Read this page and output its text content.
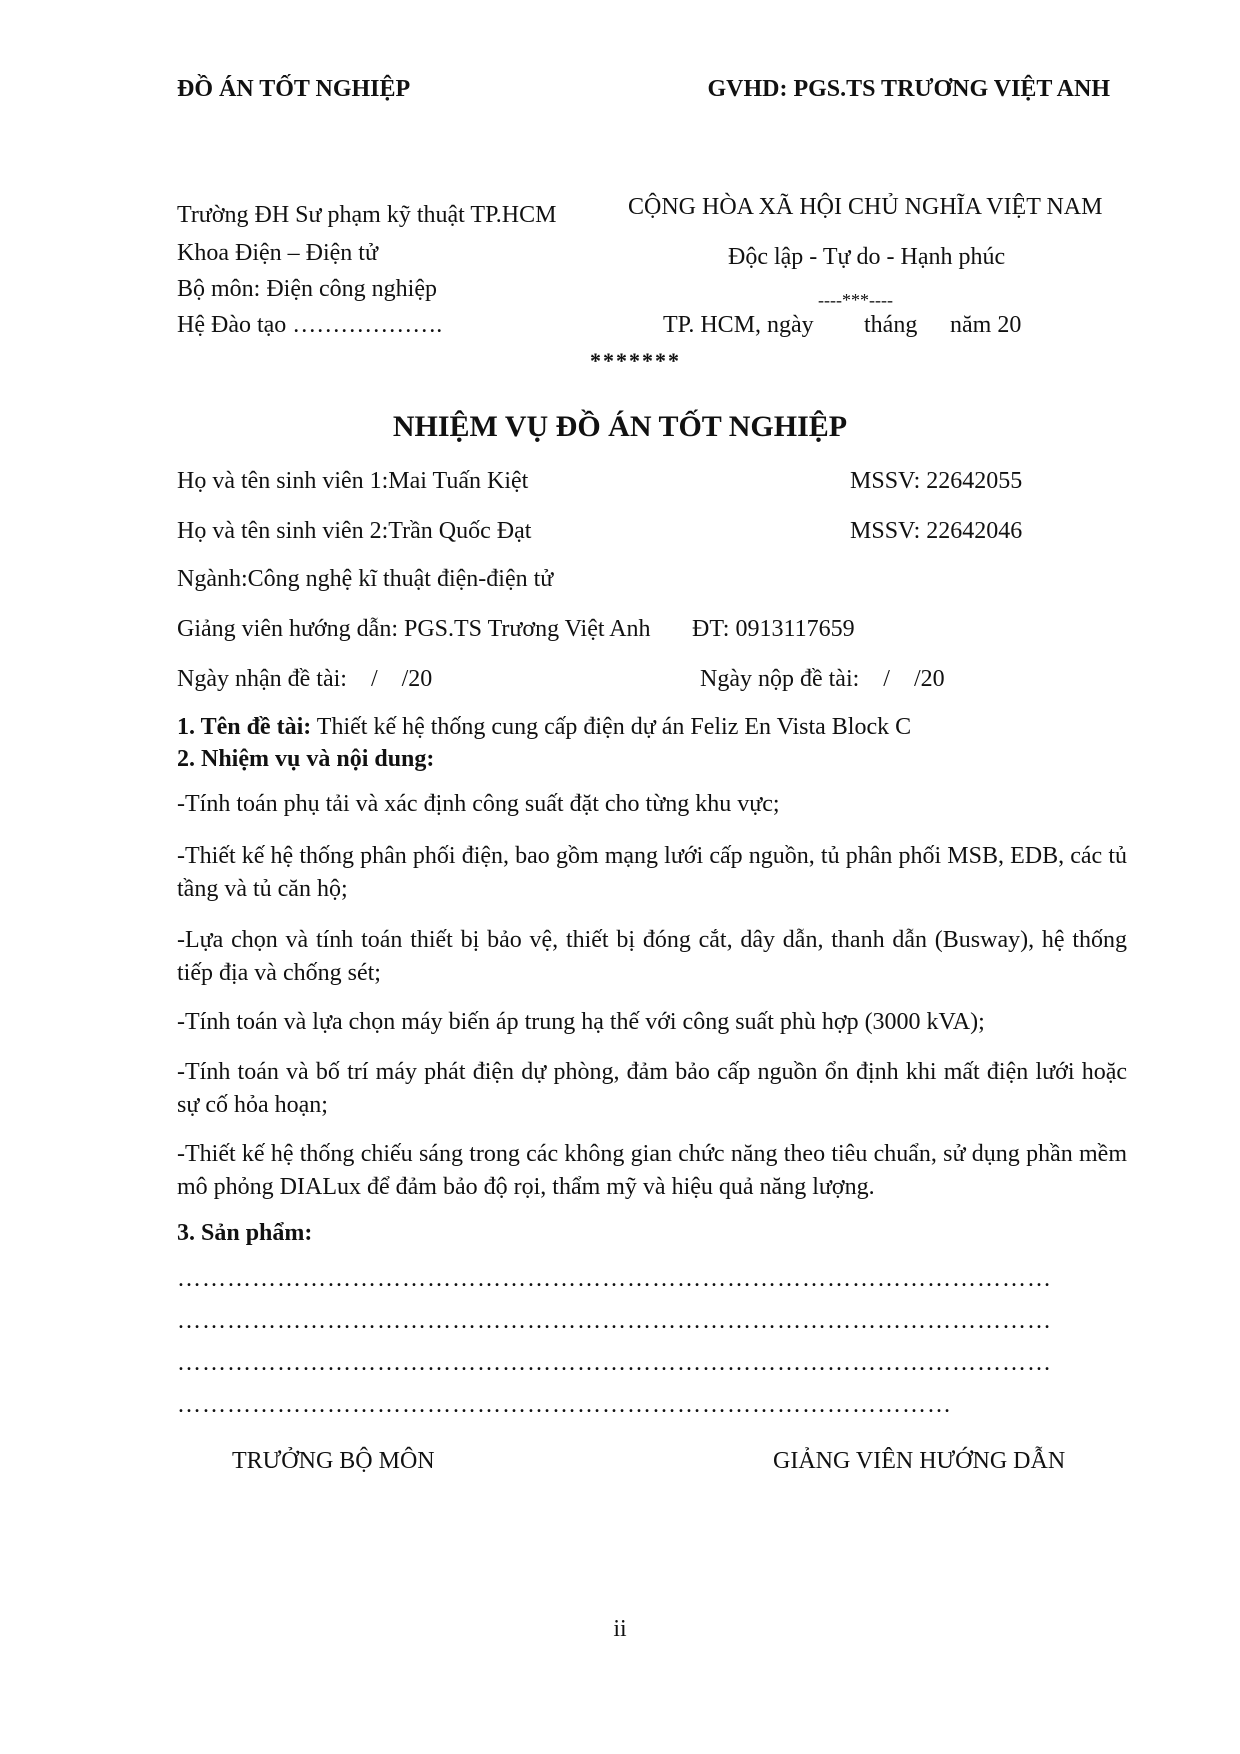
ĐỒ ÁN TỐT NGHIỆP	GVHD: PGS.TS TRƯƠNG VIỆT ANH
Trường ĐH Sư phạm kỹ thuật TP.HCM
Khoa Điện – Điện tử
Bộ môn: Điện công nghiệp
Hệ Đào tạo ……………….
CỘNG HÒA XÃ HỘI CHỦ NGHĨA VIỆT NAM
Độc lập - Tự do - Hạnh phúc
----***----
TP. HCM, ngày tháng năm 20
*******
NHIỆM VỤ ĐỒ ÁN TỐT NGHIỆP
Họ và tên sinh viên 1:Mai Tuấn Kiệt	MSSV: 22642055
Họ và tên sinh viên 2:Trần Quốc Đạt	MSSV: 22642046
Ngành:Công nghệ kĩ thuật điện-điện tử
Giảng viên hướng dẫn: PGS.TS Trương Việt Anh ĐT: 0913117659
Ngày nhận đề tài:    /    /20	Ngày nộp đề tài:    /    /20
1. Tên đề tài: Thiết kế hệ thống cung cấp điện dự án Feliz En Vista Block C
2. Nhiệm vụ và nội dung:
-Tính toán phụ tải và xác định công suất đặt cho từng khu vực;
-Thiết kế hệ thống phân phối điện, bao gồm mạng lưới cấp nguồn, tủ phân phối MSB, EDB, các tủ tầng và tủ căn hộ;
-Lựa chọn và tính toán thiết bị bảo vệ, thiết bị đóng cắt, dây dẫn, thanh dẫn (Busway), hệ thống tiếp địa và chống sét;
-Tính toán và lựa chọn máy biến áp trung hạ thế với công suất phù hợp (3000 kVA);
-Tính toán và bố trí máy phát điện dự phòng, đảm bảo cấp nguồn ổn định khi mất điện lưới hoặc sự cố hỏa hoạn;
-Thiết kế hệ thống chiếu sáng trong các không gian chức năng theo tiêu chuẩn, sử dụng phần mềm mô phỏng DIALux để đảm bảo độ rọi, thẩm mỹ và hiệu quả năng lượng.
3. Sản phẩm:
……………………………………………………………………………………………
……………………………………………………………………………………………
……………………………………………………………………………………………
…………………………………………………………………………………
TRƯỞNG BỘ MÔN	GIẢNG VIÊN HƯỚNG DẪN
ii
